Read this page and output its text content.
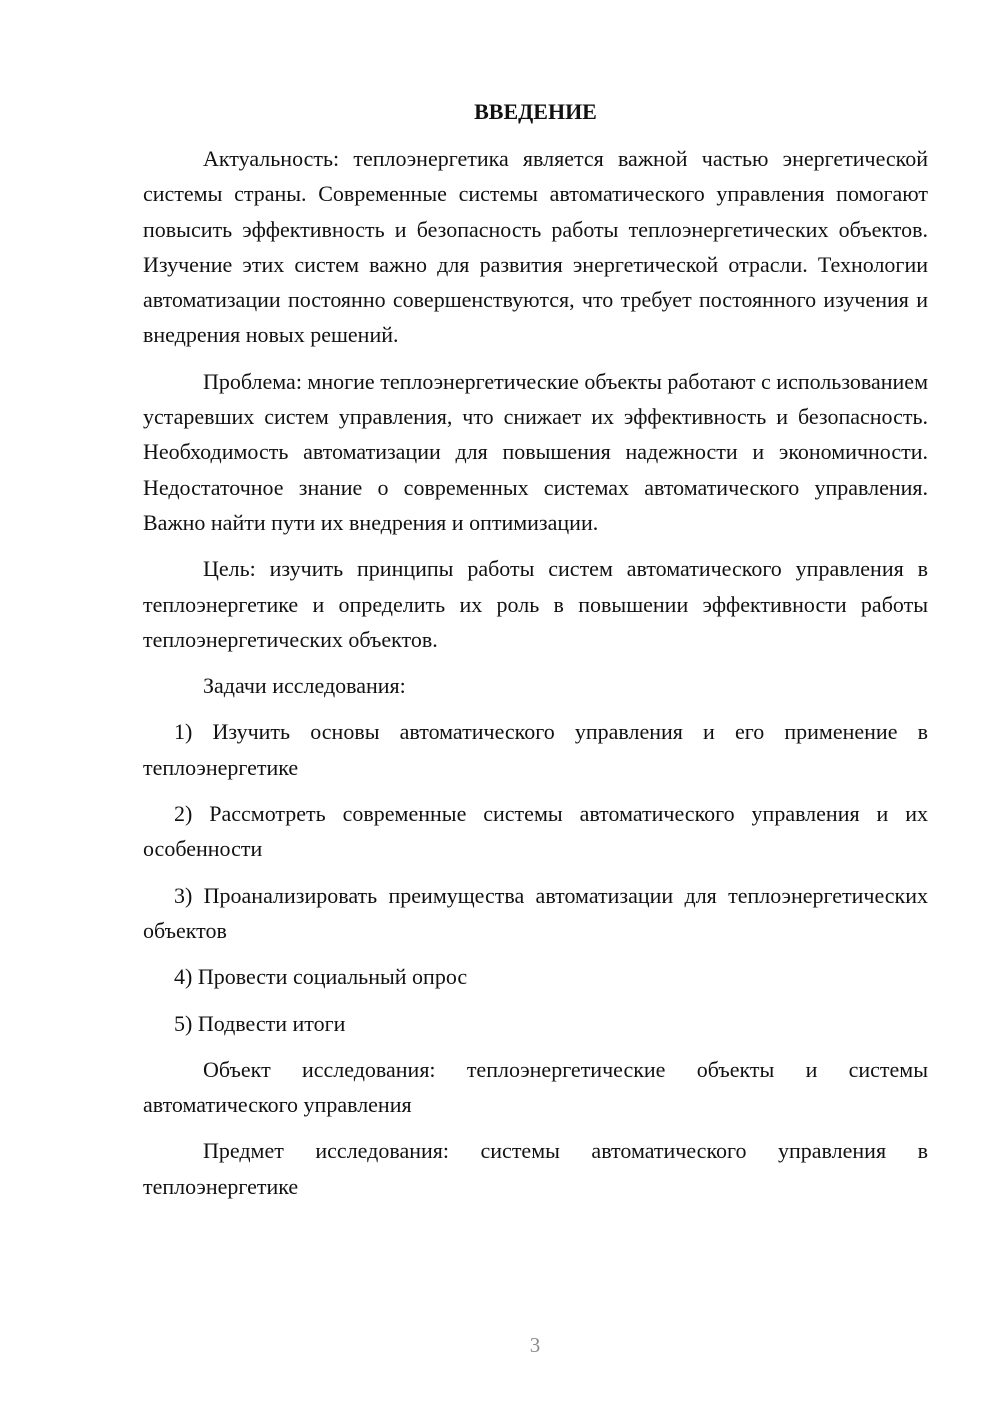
ВВЕДЕНИЕ

Актуальность: теплоэнергетика является важной частью энергетической системы страны. Современные системы автоматического управления помогают повысить эффективность и безопасность работы теплоэнергетических объектов. Изучение этих систем важно для развития энергетической отрасли. Технологии автоматизации постоянно совершенствуются, что требует постоянного изучения и внедрения новых решений.

Проблема: многие теплоэнергетические объекты работают с использованием устаревших систем управления, что снижает их эффективность и безопасность. Необходимость автоматизации для повышения надежности и экономичности. Недостаточное знание о современных системах автоматического управления. Важно найти пути их внедрения и оптимизации.

Цель: изучить принципы работы систем автоматического управления в теплоэнергетике и определить их роль в повышении эффективности работы теплоэнергетических объектов.

Задачи исследования:

1) Изучить основы автоматического управления и его применение в теплоэнергетике

2) Рассмотреть современные системы автоматического управления и их особенности

3) Проанализировать преимущества автоматизации для теплоэнергетических объектов

4) Провести социальный опрос

5) Подвести итоги

Объект исследования: теплоэнергетические объекты и системы автоматического управления

Предмет исследования: системы автоматического управления в теплоэнергетике

3
